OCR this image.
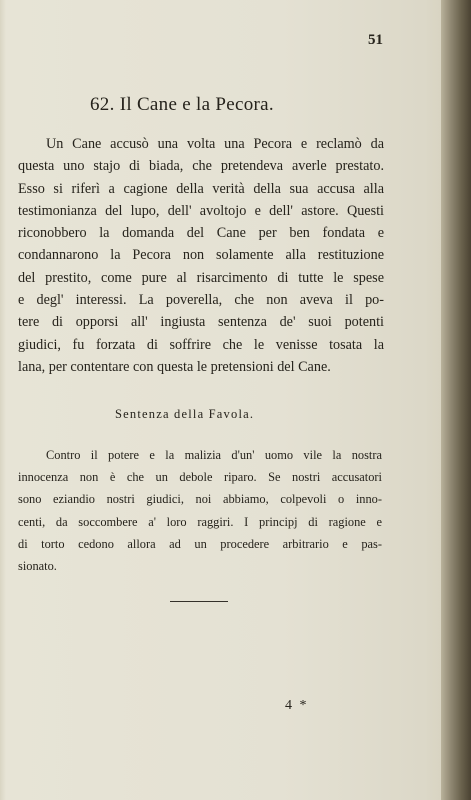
51
62. Il Cane e la Pecora.
Un Cane accusò una volta una Pecora e reclamò da
questa uno stajo di biada, che pretendeva averle prestato.
Esso si riferì a cagione della verità della sua accusa alla
testimonianza del lupo, dell' avoltojo e dell' astore. Questi
riconobbero la domanda del Cane per ben fondata e
condannarono la Pecora non solamente alla restituzione
del prestito, come pure al risarcimento di tutte le spese
e degl' interessi. La poverella, che non aveva il po-
tere di opporsi all' ingiusta sentenza de' suoi potenti
giudici, fu forzata di soffrire che le venisse tosata la
lana, per contentare con questa le pretensioni del Cane.
Sentenza della Favola.
Contro il potere e la malizia d'un' uomo vile la nostra
innocenza non è che un debole riparo. Se nostri accusatori
sono eziandio nostri giudici, noi abbiamo, colpevoli o inno-
centi, da soccombere a' loro raggiri. I principj di ragione e
di torto cedono allora ad un procedere arbitrario e pas-
sionato.
4 *
